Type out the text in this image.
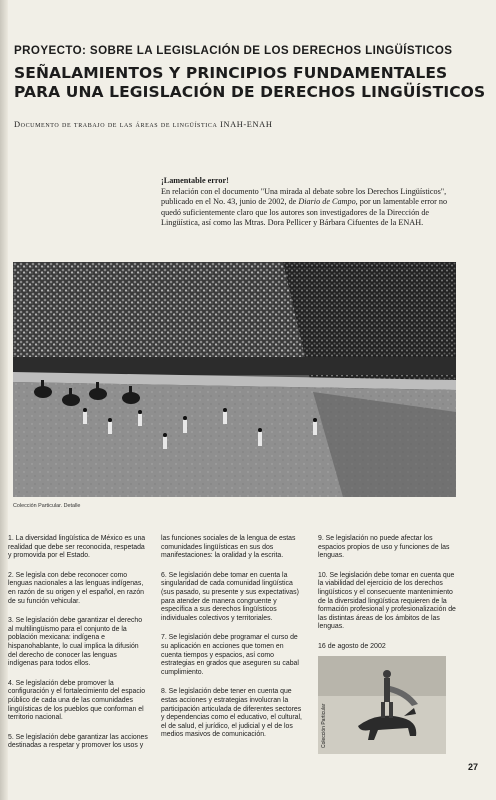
PROYECTO: SOBRE LA LEGISLACIÓN DE LOS DERECHOS LINGÜÍSTICOS
SEÑALAMIENTOS Y PRINCIPIOS FUNDAMENTALES
PARA UNA LEGISLACIÓN DE DERECHOS LINGÜÍSTICOS
Documento de trabajo de las áreas de lingüística INAH-ENAH
¡Lamentable error!
En relación con el documento "Una mirada al debate sobre los Derechos Lingüísticos", publicado en el No. 43, junio de 2002, de Diario de Campo, por un lamentable error no quedó suficientemente claro que los autores son investigadores de la Dirección de Lingüística, así como las Mtras. Dora Pellicer y Bárbara Cifuentes de la ENAH.
Colección Particular. Detalle

1. La diversidad lingüística de México es una realidad que debe ser reconocida, respetada y promovida por el Estado.

2. Se legisla con debe reconocer como lenguas nacionales a las lenguas indígenas, en razón de su origen y el español, en razón de su función vehicular.

3. Se legislación debe garantizar el derecho al multilingüismo para el conjunto de la población mexicana: indígena e hispanohablante, lo cual implica la difusión del derecho de conocer las lenguas indígenas para todos ellos.

4. Se legislación debe promover la configuración y el fortalecimiento del espacio público de cada una de las comunidades lingüísticas de los pueblos que conforman el territorio nacional.

5. Se legislación debe garantizar las acciones destinadas a respetar y promover los usos y

las funciones sociales de la lengua de estas comunidades lingüísticas en sus dos manifestaciones: la oralidad y la escrita.

6. Se legislación debe tomar en cuenta la singularidad de cada comunidad lingüística (sus pasado, su presente y sus expectativas) para atender de manera congruente y específica a sus derechos lingüísticos individuales colectivos y territoriales.

7. Se legislación debe programar el curso de su aplicación en acciones que tomen en cuenta tiempos y espacios, así como estrategias en grados que aseguren su cabal cumplimiento.

8. Se legislación debe tener en cuenta que estas acciones y estrategias involucran la participación articulada de diferentes sectores y dependencias como el educativo, el cultural, el de salud, el jurídico, el judicial y el de los medios masivos de comunicación.

9. Se legislación no puede afectar los espacios propios de uso y funciones de las lenguas.

10. Se legislación debe tomar en cuenta que la viabilidad del ejercicio de los derechos lingüísticos y el consecuente mantenimiento de la diversidad lingüística requieren de la formación profesional y profesionalización de las distintas áreas de los ámbitos de las lenguas.

16 de agosto de 2002
Colección Particular
27
